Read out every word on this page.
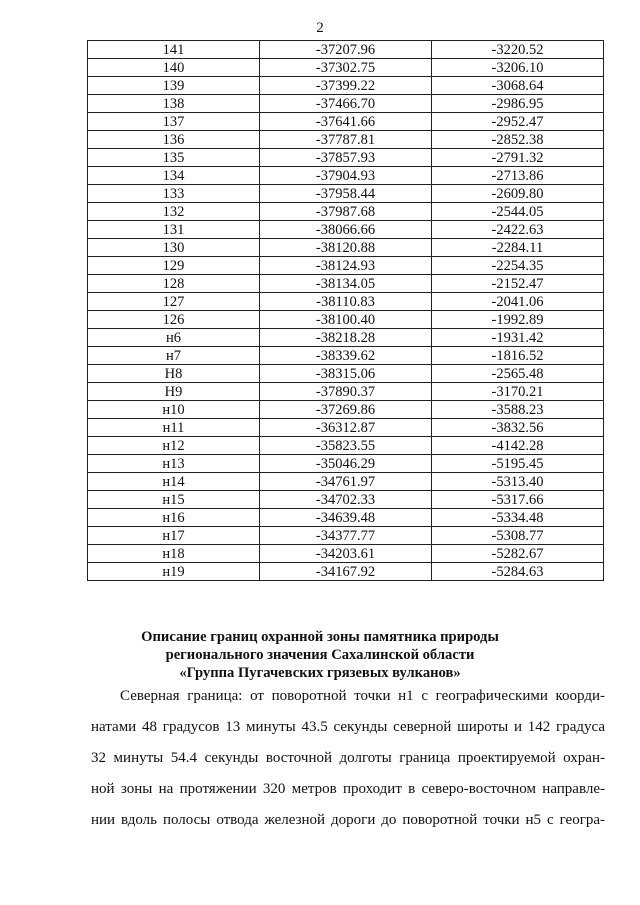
2
141	-37207.96	-3220.52
140	-37302.75	-3206.10
139	-37399.22	-3068.64
138	-37466.70	-2986.95
137	-37641.66	-2952.47
136	-37787.81	-2852.38
135	-37857.93	-2791.32
134	-37904.93	-2713.86
133	-37958.44	-2609.80
132	-37987.68	-2544.05
131	-38066.66	-2422.63
130	-38120.88	-2284.11
129	-38124.93	-2254.35
128	-38134.05	-2152.47
127	-38110.83	-2041.06
126	-38100.40	-1992.89
н6	-38218.28	-1931.42
н7	-38339.62	-1816.52
Н8	-38315.06	-2565.48
Н9	-37890.37	-3170.21
н10	-37269.86	-3588.23
н11	-36312.87	-3832.56
н12	-35823.55	-4142.28
н13	-35046.29	-5195.45
н14	-34761.97	-5313.40
н15	-34702.33	-5317.66
н16	-34639.48	-5334.48
н17	-34377.77	-5308.77
н18	-34203.61	-5282.67
н19	-34167.92	-5284.63
Описание границ охранной зоны памятника природы
регионального значения Сахалинской области
«Группа Пугачевских грязевых вулканов»
Северная граница: от поворотной точки н1 с географическими коорди-
натами 48 градусов 13 минуты 43.5 секунды северной широты и 142 градуса
32 минуты 54.4 секунды восточной долготы граница проектируемой охран-
ной зоны на протяжении 320 метров проходит в северо-восточном направле-
нии вдоль полосы отвода железной дороги до поворотной точки н5 с геогра-
